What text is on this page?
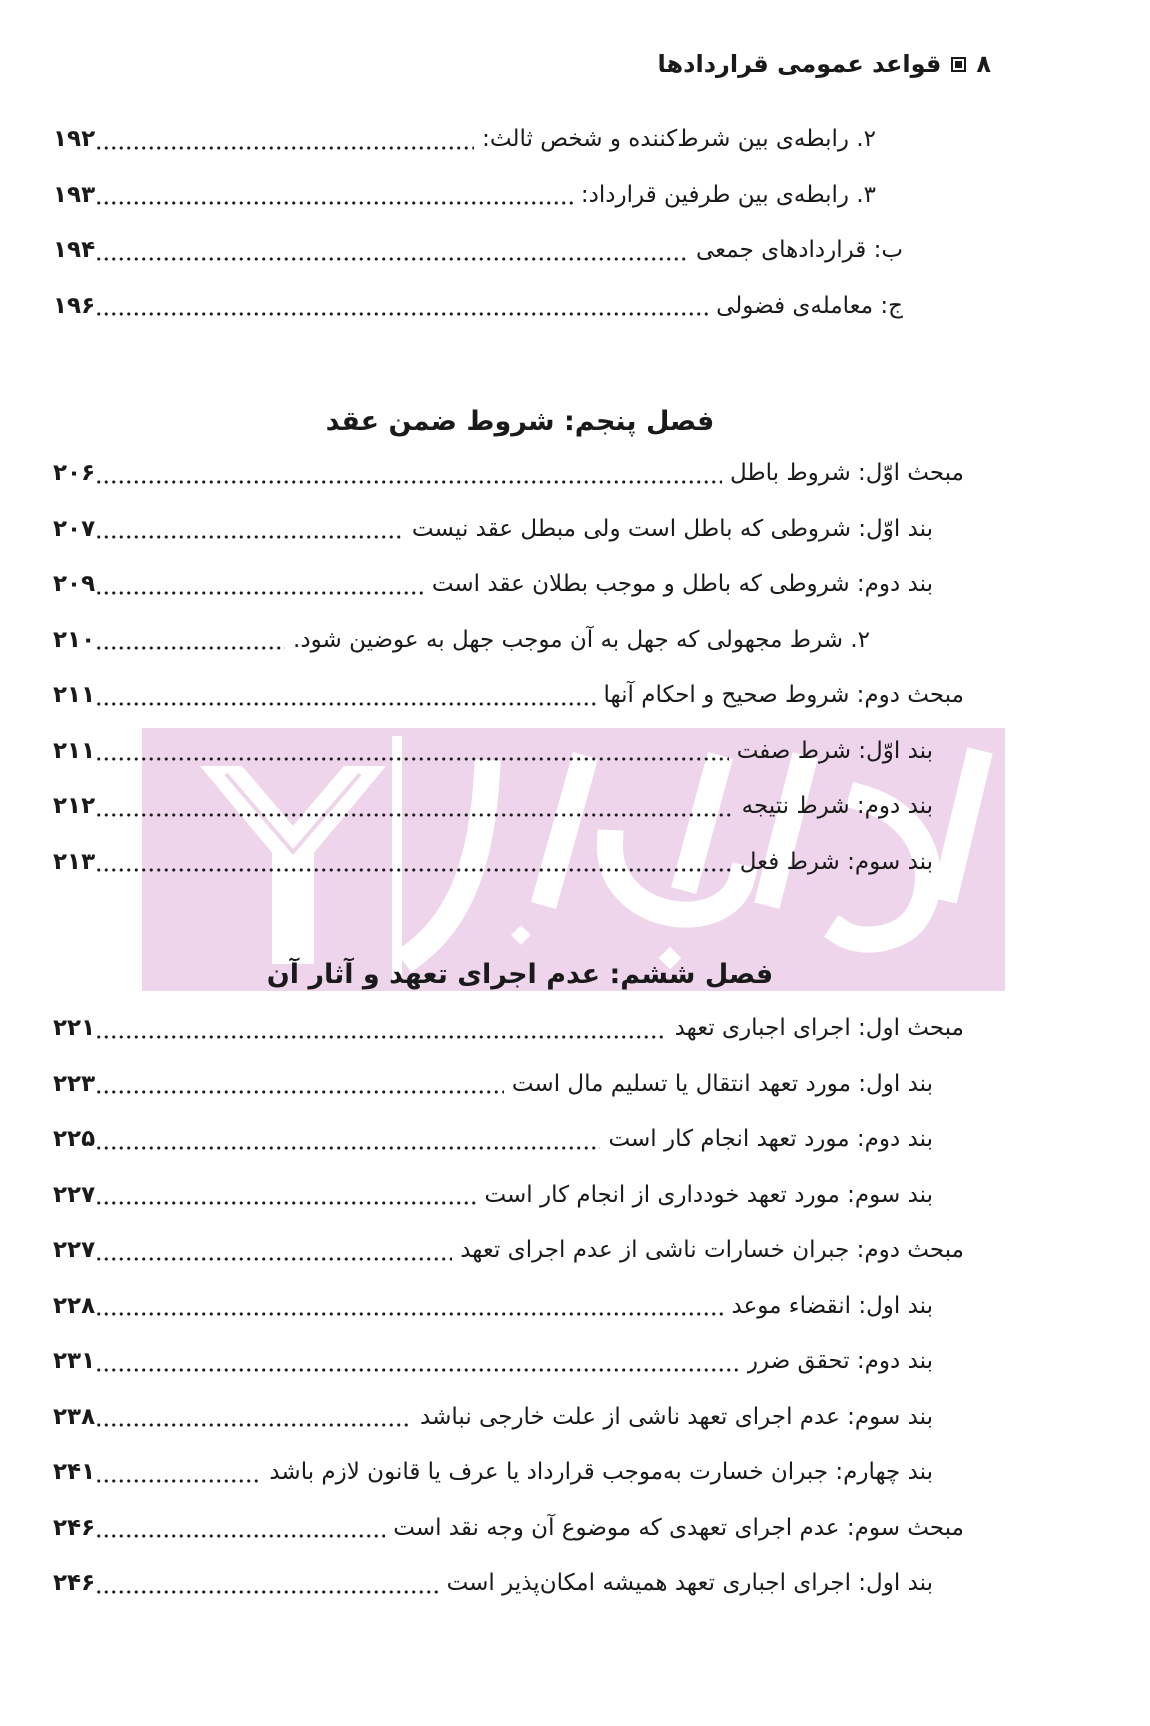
۸
قواعد عمومی قراردادها
۲. رابطه‌ی بین شرط‌کننده و شخص ثالث:
۱۹۲
۳. رابطه‌ی بین طرفین قرارداد:
۱۹۳
ب: قراردادهای جمعی
۱۹۴
ج: معامله‌ی فضولی
۱۹۶
فصل پنجم: شروط ضمن عقد
مبحث اوّل: شروط باطل
۲۰۶
بند اوّل: شروطی که باطل است ولی مبطل عقد نیست
۲۰۷
بند دوم: شروطی که باطل و موجب بطلان عقد است
۲۰۹
۲. شرط مجهولی که جهل به آن موجب جهل به عوضین شود.
۲۱۰
مبحث دوم: شروط صحیح و احکام آنها
۲۱۱
بند اوّل: شرط صفت
۲۱۱
بند دوم: شرط نتیجه
۲۱۲
بند سوم: شرط فعل
۲۱۳
فصل ششم: عدم اجرای تعهد و آثار آن
مبحث اول: اجرای اجباری تعهد
۲۲۱
بند اول: مورد تعهد انتقال یا تسلیم مال است
۲۲۳
بند دوم: مورد تعهد انجام کار است
۲۲۵
بند سوم: مورد تعهد خودداری از انجام کار است
۲۲۷
مبحث دوم: جبران خسارات ناشی از عدم اجرای تعهد
۲۲۷
بند اول: انقضاء موعد
۲۲۸
بند دوم: تحقق ضرر
۲۳۱
بند سوم: عدم اجرای تعهد ناشی از علت خارجی نباشد
۲۳۸
بند چهارم: جبران خسارت به‌موجب قرارداد یا عرف یا قانون لازم باشد
۲۴۱
مبحث سوم: عدم اجرای تعهدی که موضوع آن وجه نقد است
۲۴۶
بند اول: اجرای اجباری تعهد همیشه امکان‌پذیر است
۲۴۶
